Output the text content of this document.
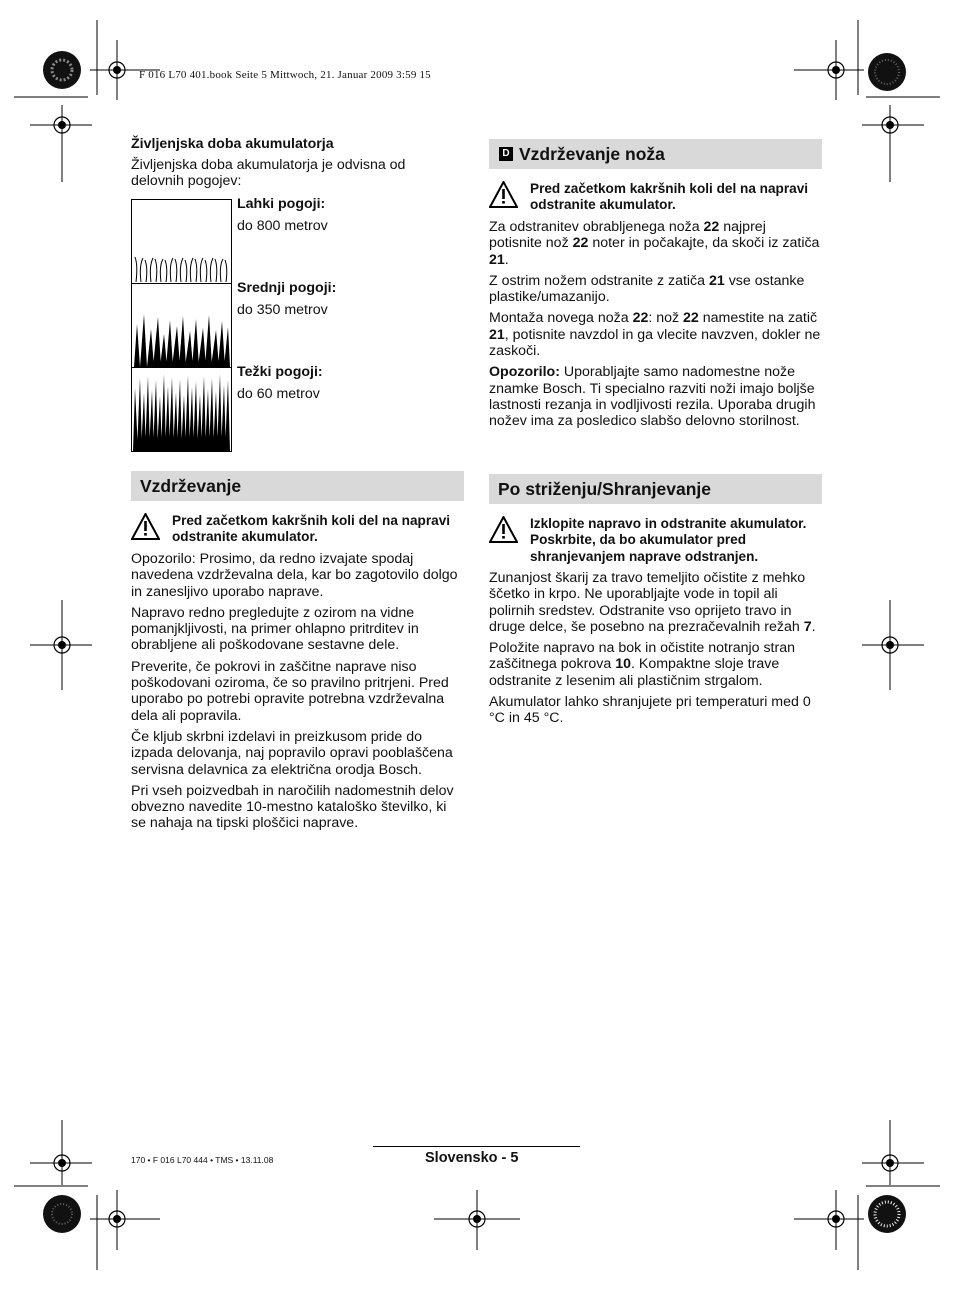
F 016 L70 401.book Seite 5 Mittwoch, 21. Januar 2009 3:59 15
Življenjska doba akumulatorja
Življenjska doba akumulatorja je odvisna od delovnih pogojev:
Lahki pogoji:
do 800 metrov
Srednji pogoji:
do 350 metrov
Težki pogoji:
do 60 metrov
Vzdrževanje
Pred začetkom kakršnih koli del na napravi odstranite akumulator.

Opozorilo: Prosimo, da redno izvajate spodaj navedena vzdrževalna dela, kar bo zagotovilo dolgo in zanesljivo uporabo naprave.

Napravo redno pregledujte z ozirom na vidne pomanjkljivosti, na primer ohlapno pritrditev in obrabljene ali poškodovane sestavne dele.

Preverite, če pokrovi in zaščitne naprave niso poškodovani oziroma, če so pravilno pritrjeni. Pred uporabo po potrebi opravite potrebna vzdrževalna dela ali popravila.

Če kljub skrbni izdelavi in preizkusom pride do izpada delovanja, naj popravilo opravi pooblaščena servisna delavnica za električna orodja Bosch.

Pri vseh poizvedbah in naročilih nadomestnih delov obvezno navedite 10-mestno kataloško številko, ki se nahaja na tipski ploščici naprave.

D Vzdrževanje noža
Pred začetkom kakršnih koli del na napravi odstranite akumulator.

Za odstranitev obrabljenega noža 22 najprej potisnite nož 22 noter in počakajte, da skoči iz zatiča 21.

Z ostrim nožem odstranite z zatiča 21 vse ostanke plastike/umazanijo.

Montaža novega noža 22: nož 22 namestite na zatič 21, potisnite navzdol in ga vlecite navzven, dokler ne zaskoči.

Opozorilo: Uporabljajte samo nadomestne nože znamke Bosch. Ti specialno razviti noži imajo boljše lastnosti rezanja in vodljivosti rezila. Uporaba drugih nožev ima za posledico slabšo delovno storilnost.

Po striženju/Shranjevanje
Izklopite napravo in odstranite akumulator. Poskrbite, da bo akumulator pred shranjevanjem naprave odstranjen.

Zunanjost škarij za travo temeljito očistite z mehko ščetko in krpo. Ne uporabljajte vode in topil ali polirnih sredstev. Odstranite vso oprijeto travo in druge delce, še posebno na prezračevalnih režah 7.

Položite napravo na bok in očistite notranjo stran zaščitnega pokrova 10. Kompaktne sloje trave odstranite z lesenim ali plastičnim strgalom.

Akumulator lahko shranjujete pri temperaturi med 0 °C in 45 °C.

170 • F 016 L70 444 • TMS • 13.11.08	Slovensko - 5
